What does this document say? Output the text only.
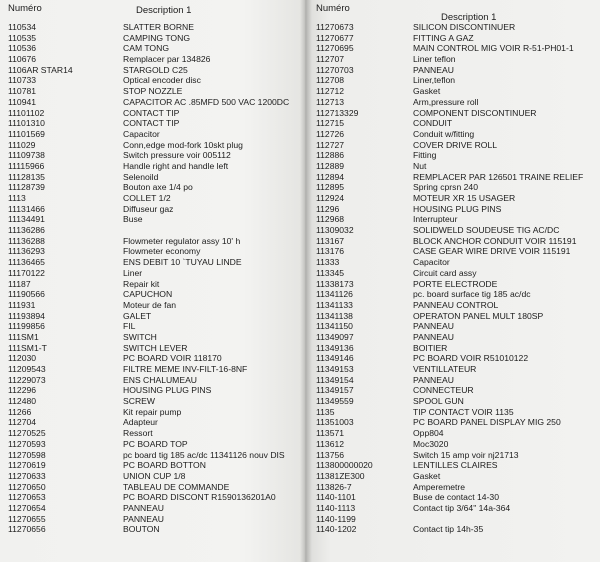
Numéro	Description 1
110534	SLATTER BORNE
110535	CAMPING TONG
110536	CAM TONG
110676	Remplacer par 134826
1106AR STAR14	STARGOLD C25
110733	Optical encoder disc
110781	STOP NOZZLE
110941	CAPACITOR AC .85MFD 500 VAC 1200DC
11101102	CONTACT TIP
11101310	CONTACT TIP
11101569	Capacitor
111029	Conn,edge mod-fork 10skt plug
11109738	Switch pressure voir 005112
11115966	Handle right and handle left
11128135	Selenoild
11128739	Bouton axe 1/4 po
1113	COLLET 1/2
11131466	Diffuseur gaz
11134491	Buse
11136286
11136288	Flowmeter regulator assy 10' h
11136293	Flowmeter economy
11136465	ENS DEBIT 10 `TUYAU LINDE
11170122	Liner
11187	Repair kit
11190566	CAPUCHON
111931	Moteur de fan
11193894	GALET
11199856	FIL
111SM1	SWITCH
111SM1-T	SWITCH LEVER
112030	PC BOARD VOIR 118170
11209543	FILTRE MEME INV-FILT-16-8NF
11229073	ENS CHALUMEAU
112296	HOUSING PLUG PINS
112480	SCREW
11266	Kit repair pump
112704	Adapteur
11270525	Ressort
11270593	PC BOARD TOP
11270598	pc board tig 185 ac/dc 11341126 nouv DIS
11270619	PC BOARD BOTTON
11270633	UNION CUP 1/8
11270650	TABLEAU DE COMMANDE
11270653	PC BOARD DISCONT R1590136201A0
11270654	PANNEAU
11270655	PANNEAU
11270656	BOUTON
Numéro
Description 1
11270673	SILICON DISCONTINUER
11270677	FITTING A GAZ
11270695	MAIN CONTROL MIG VOIR R-51-PH01-1
112707	Liner teflon
11270703	PANNEAU
112708	Liner,teflon
112712	Gasket
112713	Arm,pressure roll
112713329	COMPONENT DISCONTINUER
112715	CONDUIT
112726	Conduit w/fitting
112727	COVER DRIVE ROLL
112886	Fitting
112889	Nut
112894	REMPLACER PAR 126501 TRAINE RELIEF
112895	Spring cprsn 240
112924	MOTEUR XR 15 USAGER
11296	HOUSING PLUG PINS
112968	Interrupteur
11309032	SOLIDWELD SOUDEUSE TIG AC/DC
113167	BLOCK ANCHOR CONDUIT VOIR 115191
113176	CASE GEAR WIRE DRIVE VOIR 115191
11333	Capacitor
113345	Circuit card assy
11338173	PORTE ELECTRODE
11341126	pc. board surface tig 185 ac/dc
11341133	PANNEAU CONTROL
11341138	OPERATON PANEL MULT 180SP
11341150	PANNEAU
11349097	PANNEAU
11349136	BOITIER
11349146	PC BOARD VOIR R51010122
11349153	VENTILLATEUR
11349154	PANNEAU
11349157	CONNECTEUR
11349559	SPOOL GUN
1135	TIP CONTACT VOIR 1135
11351003	PC BOARD PANEL DISPLAY MIG 250
113571	Opp804
113612	Moc3020
113756	Switch 15 amp voir nj21713
113800000020	LENTILLES CLAIRES
11381ZE300	Gasket
113826-7	Amperemetre
1140-1101	Buse de contact 14-30
1140-1113	Contact tip 3/64" 14a-364
1140-1199
1140-1202	Contact tip 14h-35
